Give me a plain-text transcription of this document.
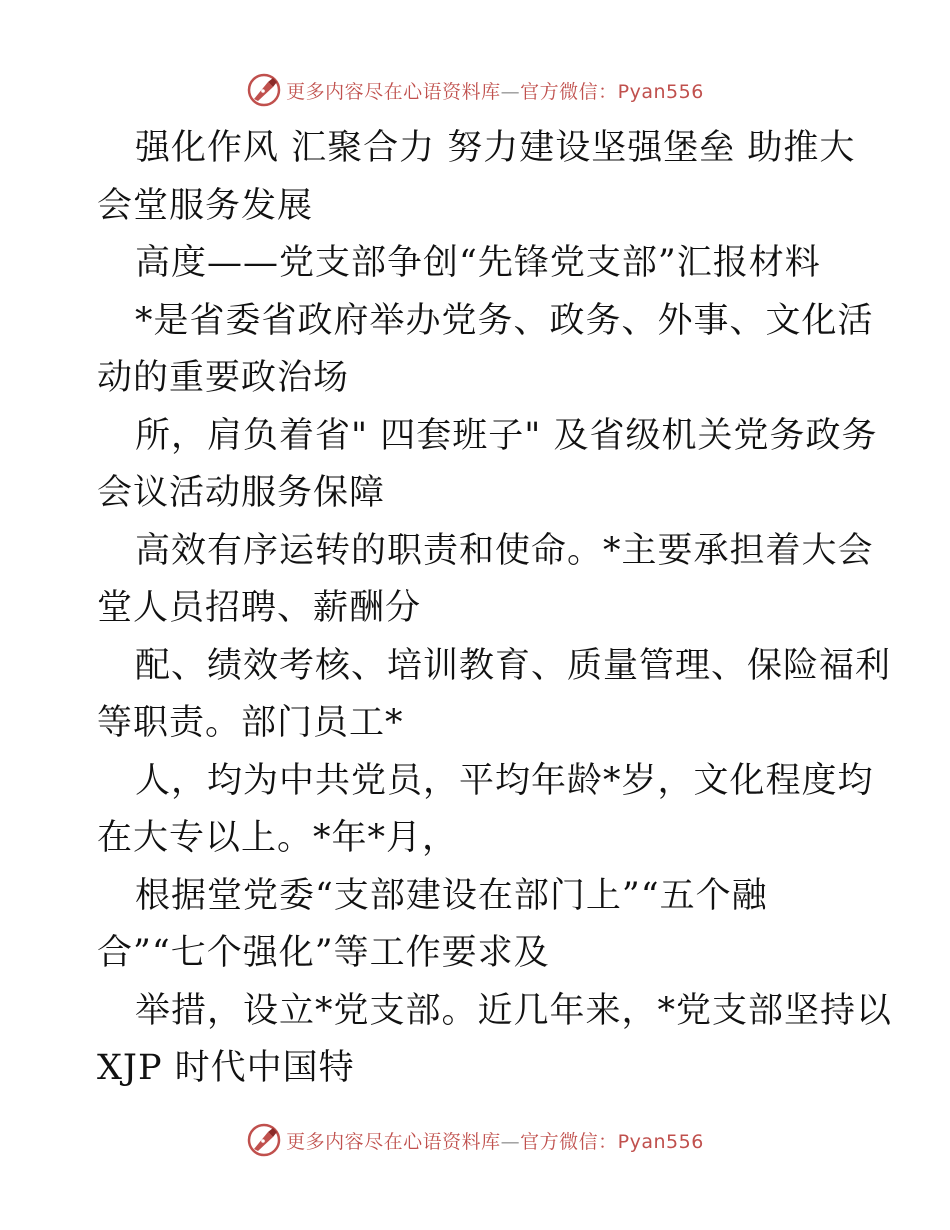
更多内容尽在心语资料库—官方微信：Pyan556
强化作风 汇聚合力 努力建设坚强堡垒 助推大
会堂服务发展
高度——党支部争创“先锋党支部”汇报材料
*是省委省政府举办党务、政务、外事、文化活
动的重要政治场
所，肩负着省" 四套班子" 及省级机关党务政务
会议活动服务保障
高效有序运转的职责和使命。*主要承担着大会
堂人员招聘、薪酬分
配、绩效考核、培训教育、质量管理、保险福利
等职责。部门员工*
人，均为中共党员，平均年龄*岁，文化程度均
在大专以上。*年*月，
根据堂党委“支部建设在部门上”“五个融
合”“七个强化”等工作要求及
举措，设立*党支部。近几年来，*党支部坚持以
XJP 时代中国特
更多内容尽在心语资料库—官方微信：Pyan556
